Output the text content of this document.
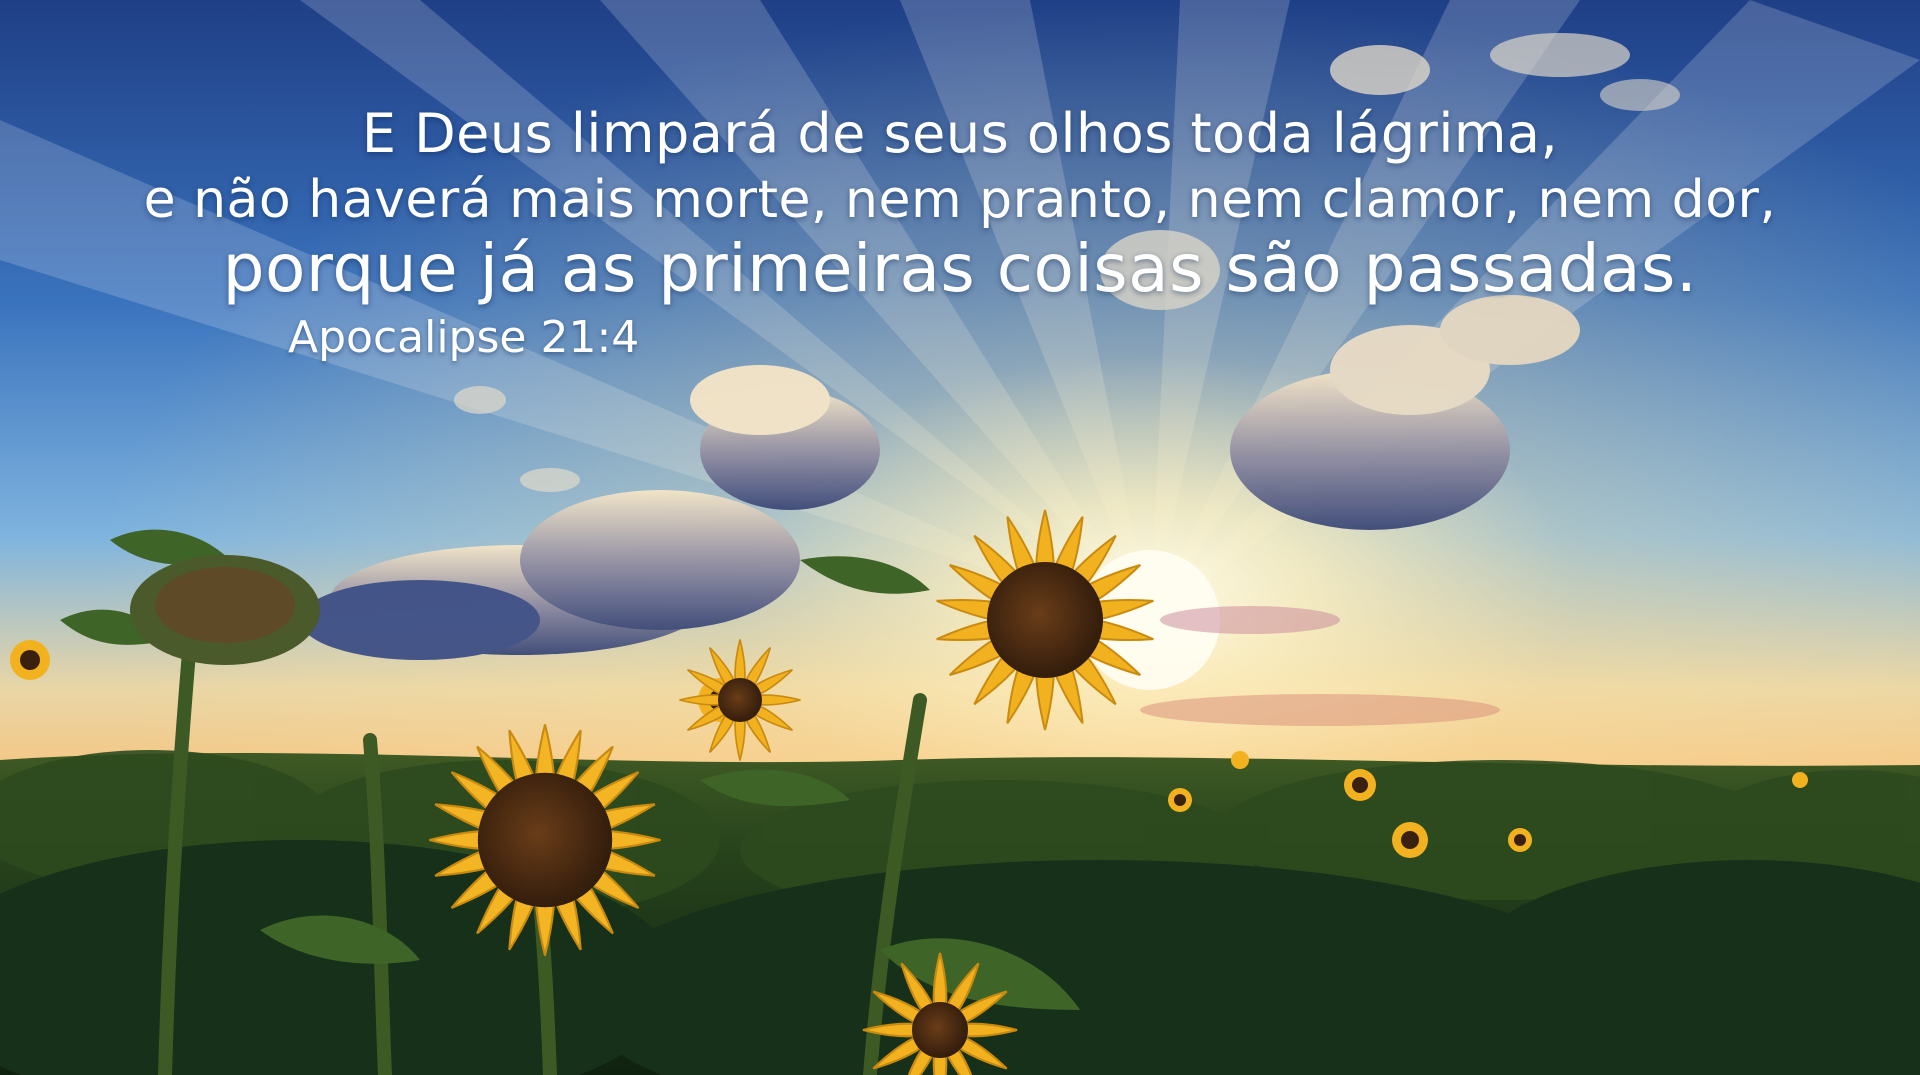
E Deus limpará de seus olhos toda lágrima,
e não haverá mais morte, nem pranto, nem clamor, nem dor,
porque já as primeiras coisas são passadas.
Apocalipse 21:4
